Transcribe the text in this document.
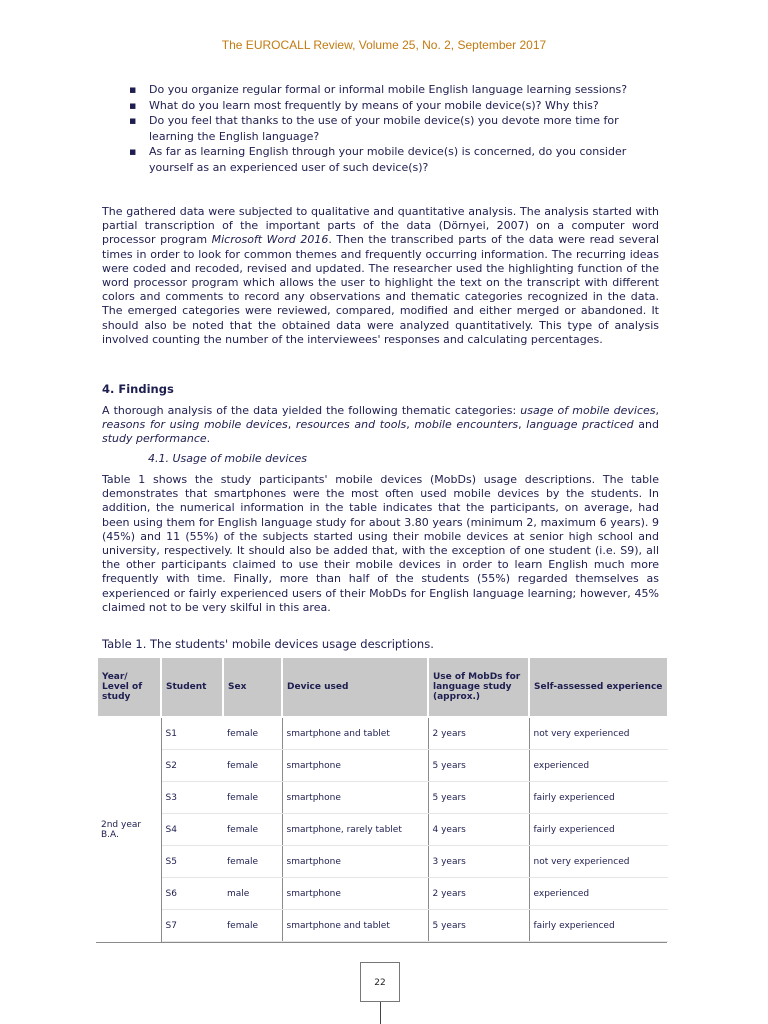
The EUROCALL Review, Volume 25, No. 2, September 2017
▪ Do you organize regular formal or informal mobile English language learning sessions?
▪ What do you learn most frequently by means of your mobile device(s)? Why this?
▪ Do you feel that thanks to the use of your mobile device(s) you devote more time for learning the English language?
▪ As far as learning English through your mobile device(s) is concerned, do you consider yourself as an experienced user of such device(s)?
The gathered data were subjected to qualitative and quantitative analysis. The analysis started with partial transcription of the important parts of the data (Dörnyei, 2007) on a computer word processor program Microsoft Word 2016. Then the transcribed parts of the data were read several times in order to look for common themes and frequently occurring information. The recurring ideas were coded and recoded, revised and updated. The researcher used the highlighting function of the word processor program which allows the user to highlight the text on the transcript with different colors and comments to record any observations and thematic categories recognized in the data. The emerged categories were reviewed, compared, modified and either merged or abandoned. It should also be noted that the obtained data were analyzed quantitatively. This type of analysis involved counting the number of the interviewees' responses and calculating percentages.
4. Findings
A thorough analysis of the data yielded the following thematic categories: usage of mobile devices, reasons for using mobile devices, resources and tools, mobile encounters, language practiced and study performance.
4.1. Usage of mobile devices
Table 1 shows the study participants' mobile devices (MobDs) usage descriptions. The table demonstrates that smartphones were the most often used mobile devices by the students. In addition, the numerical information in the table indicates that the participants, on average, had been using them for English language study for about 3.80 years (minimum 2, maximum 6 years). 9 (45%) and 11 (55%) of the subjects started using their mobile devices at senior high school and university, respectively. It should also be added that, with the exception of one student (i.e. S9), all the other participants claimed to use their mobile devices in order to learn English much more frequently with time. Finally, more than half of the students (55%) regarded themselves as experienced or fairly experienced users of their MobDs for English language learning; however, 45% claimed not to be very skilful in this area.
Table 1. The students' mobile devices usage descriptions.
Year/ Level of study	Student	Sex	Device used	Use of MobDs for language study (approx.)	Self-assessed experience
2nd year B.A.	S1	female	smartphone and tablet	2 years	not very experienced
	S2	female	smartphone	5 years	experienced
	S3	female	smartphone	5 years	fairly experienced
	S4	female	smartphone, rarely tablet	4 years	fairly experienced
	S5	female	smartphone	3 years	not very experienced
	S6	male	smartphone	2 years	experienced
	S7	female	smartphone and tablet	5 years	fairly experienced
22
